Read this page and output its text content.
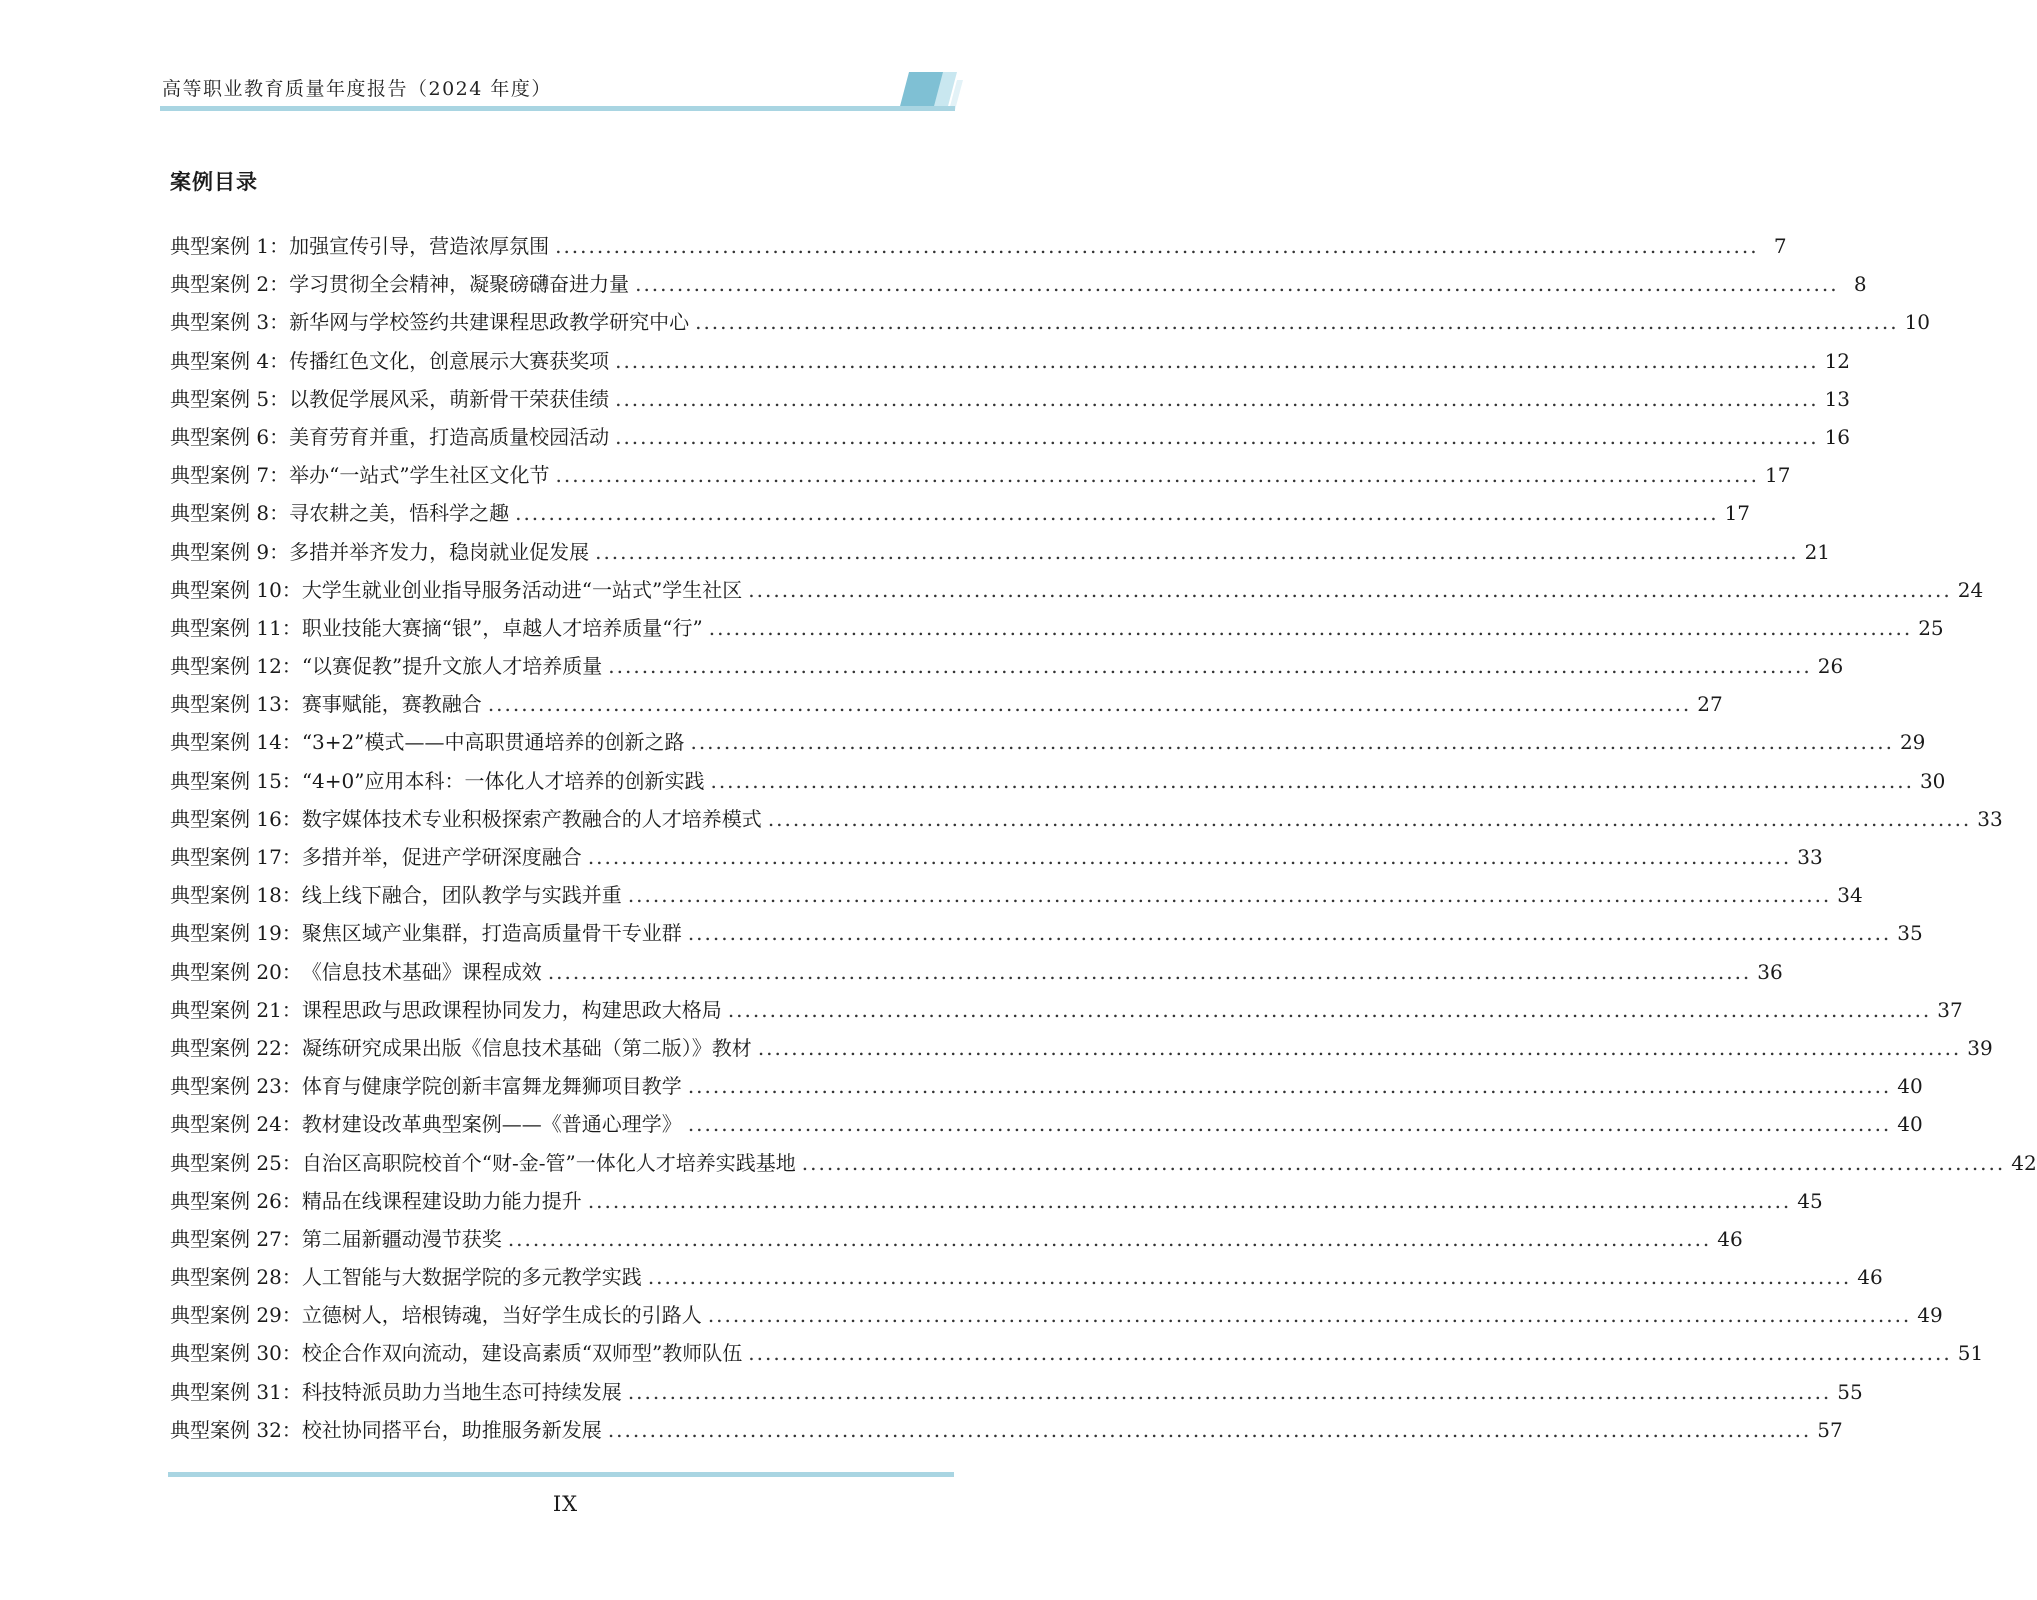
高等职业教育质量年度报告（2024 年度）
案例目录
典型案例 1： 加强宣传引导，营造浓厚氛围 .....	7
典型案例 2： 学习贯彻全会精神，凝聚磅礴奋进力量 .....	8
典型案例 3： 新华网与学校签约共建课程思政教学研究中心 .....	10
典型案例 4： 传播红色文化，创意展示大赛获奖项 .....	12
典型案例 5： 以教促学展风采，萌新骨干荣获佳绩 .....	13
典型案例 6： 美育劳育并重，打造高质量校园活动 .....	16
典型案例 7： 举办“一站式”学生社区文化节 .....	17
典型案例 8： 寻农耕之美，悟科学之趣 .....	17
典型案例 9： 多措并举齐发力，稳岗就业促发展 .....	21
典型案例 10： 大学生就业创业指导服务活动进“一站式”学生社区 .....	24
典型案例 11： 职业技能大赛摘“银”，卓越人才培养质量“行” .....	25
典型案例 12： “以赛促教”提升文旅人才培养质量 .....	26
典型案例 13： 赛事赋能，赛教融合 .....	27
典型案例 14： “3+2”模式——中高职贯通培养的创新之路 .....	29
典型案例 15： “4+0”应用本科：一体化人才培养的创新实践 .....	30
典型案例 16： 数字媒体技术专业积极探索产教融合的人才培养模式 .....	33
典型案例 17： 多措并举，促进产学研深度融合 .....	33
典型案例 18： 线上线下融合，团队教学与实践并重 .....	34
典型案例 19： 聚焦区域产业集群，打造高质量骨干专业群 .....	35
典型案例 20： 《信息技术基础》课程成效 .....	36
典型案例 21： 课程思政与思政课程协同发力，构建思政大格局 .....	37
典型案例 22： 凝练研究成果出版《信息技术基础（第二版）》教材 .....	39
典型案例 23： 体育与健康学院创新丰富舞龙舞狮项目教学 .....	40
典型案例 24： 教材建设改革典型案例——《普通心理学》 .....	40
典型案例 25： 自治区高职院校首个“财-金-管”一体化人才培养实践基地 .....	42
典型案例 26： 精品在线课程建设助力能力提升 .....	45
典型案例 27： 第二届新疆动漫节获奖 .....	46
典型案例 28： 人工智能与大数据学院的多元教学实践 .....	46
典型案例 29： 立德树人，培根铸魂，当好学生成长的引路人 .....	49
典型案例 30： 校企合作双向流动，建设高素质“双师型”教师队伍 .....	51
典型案例 31： 科技特派员助力当地生态可持续发展 .....	55
典型案例 32： 校社协同搭平台，助推服务新发展 .....	57
IX
